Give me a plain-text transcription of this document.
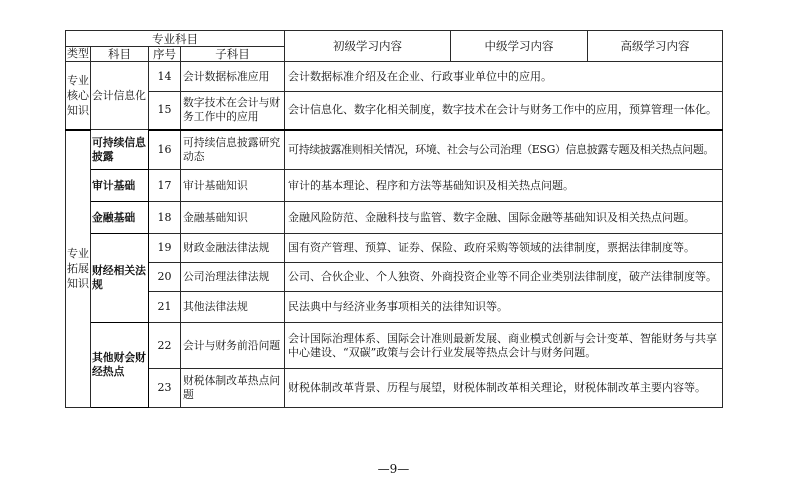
专业科目				初级学习内容	中级学习内容	高级学习内容
类型	科目	序号	子科目			
专业核心知识	会计信息化	14	会计数据标准应用	会计数据标准介绍及在企业、行政事业单位中的应用。		
		15	数字技术在会计与财务工作中的应用	会计信息化、数字化相关制度，数字技术在会计与财务工作中的应用，预算管理一体化。		
专业拓展知识	可持续信息披露	16	可持续信息披露研究动态	可持续披露准则相关情况，环境、社会与公司治理（ESG）信息披露专题及相关热点问题。		
	审计基础	17	审计基础知识	审计的基本理论、程序和方法等基础知识及相关热点问题。		
	金融基础	18	金融基础知识	金融风险防范、金融科技与监管、数字金融、国际金融等基础知识及相关热点问题。		
	财经相关法规	19	财政金融法律法规	国有资产管理、预算、证券、保险、政府采购等领域的法律制度，票据法律制度等。		
		20	公司治理法律法规	公司、合伙企业、个人独资、外商投资企业等不同企业类别法律制度，破产法律制度等。		
		21	其他法律法规	民法典中与经济业务事项相关的法律知识等。		
	其他财会财经热点	22	会计与财务前沿问题	会计国际治理体系、国际会计准则最新发展、商业模式创新与会计变革、智能财务与共享中心建设、“双碳”政策与会计行业发展等热点会计与财务问题。		
		23	财税体制改革热点问题	财税体制改革背景、历程与展望，财税体制改革相关理论，财税体制改革主要内容等。		
—9—
